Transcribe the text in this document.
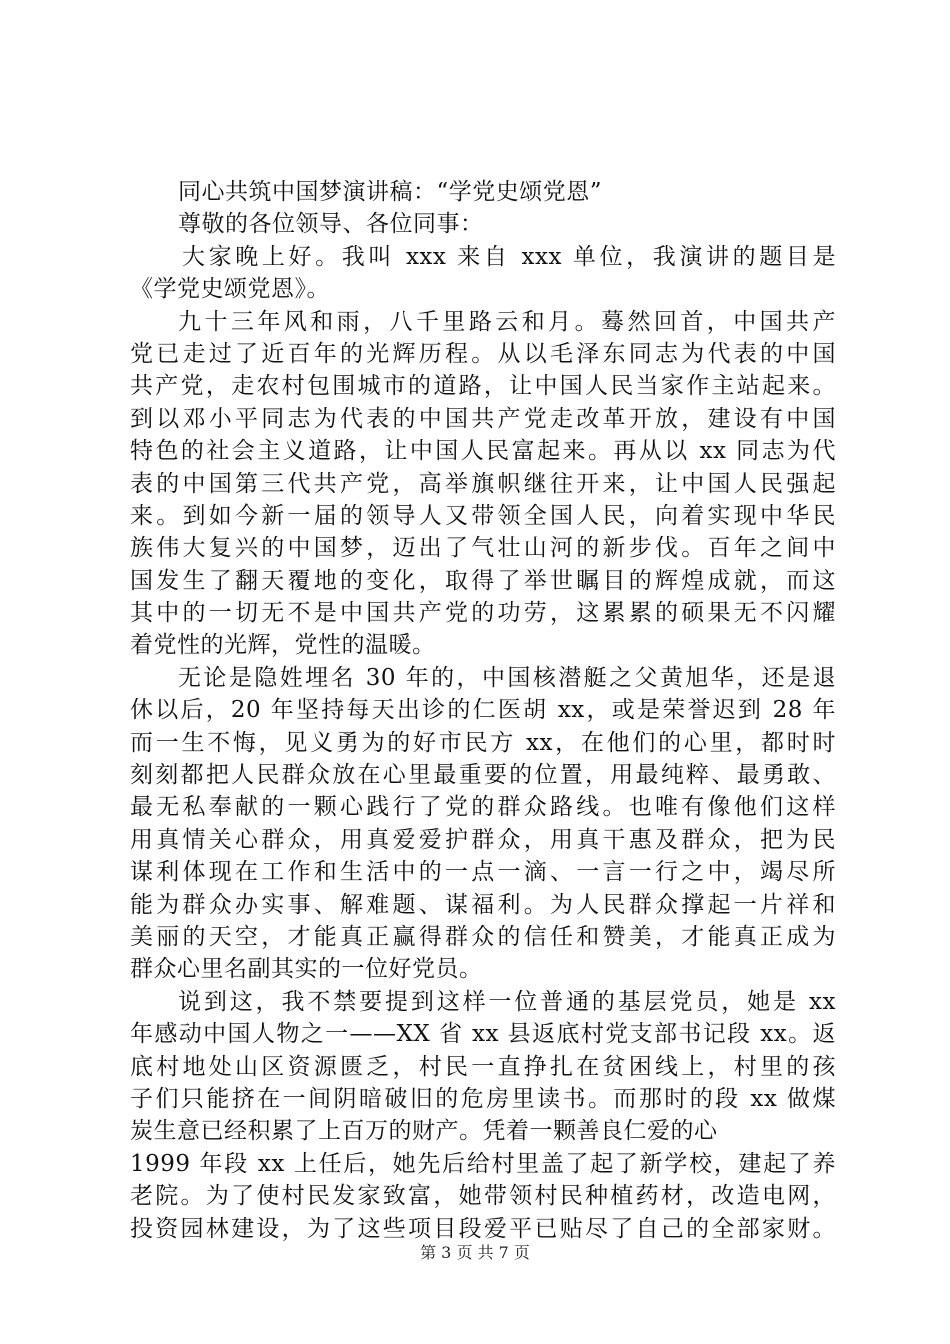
同心共筑中国梦演讲稿：“学党史颂党恩”
尊敬的各位领导、各位同事：
大家晚上好。我叫 xxx 来自 xxx 单位，我演讲的题目是
《学党史颂党恩》。
九十三年风和雨，八千里路云和月。蓦然回首，中国共产
党已走过了近百年的光辉历程。从以毛泽东同志为代表的中国
共产党，走农村包围城市的道路，让中国人民当家作主站起来。
到以邓小平同志为代表的中国共产党走改革开放，建设有中国
特色的社会主义道路，让中国人民富起来。再从以 xx 同志为代
表的中国第三代共产党，高举旗帜继往开来，让中国人民强起
来。到如今新一届的领导人又带领全国人民，向着实现中华民
族伟大复兴的中国梦，迈出了气壮山河的新步伐。百年之间中
国发生了翻天覆地的变化，取得了举世瞩目的辉煌成就，而这
其中的一切无不是中国共产党的功劳，这累累的硕果无不闪耀
着党性的光辉，党性的温暖。
无论是隐姓埋名 30 年的，中国核潜艇之父黄旭华，还是退
休以后，20 年坚持每天出诊的仁医胡 xx，或是荣誉迟到 28 年
而一生不悔，见义勇为的好市民方 xx，在他们的心里，都时时
刻刻都把人民群众放在心里最重要的位置，用最纯粹、最勇敢、
最无私奉献的一颗心践行了党的群众路线。也唯有像他们这样
用真情关心群众，用真爱爱护群众，用真干惠及群众，把为民
谋利体现在工作和生活中的一点一滴、一言一行之中，竭尽所
能为群众办实事、解难题、谋福利。为人民群众撑起一片祥和
美丽的天空，才能真正赢得群众的信任和赞美，才能真正成为
群众心里名副其实的一位好党员。
说到这，我不禁要提到这样一位普通的基层党员，她是 xx
年感动中国人物之一——XX 省 xx 县返底村党支部书记段 xx。返
底村地处山区资源匮乏，村民一直挣扎在贫困线上，村里的孩
子们只能挤在一间阴暗破旧的危房里读书。而那时的段 xx 做煤
炭生意已经积累了上百万的财产。凭着一颗善良仁爱的心
1999 年段 xx 上任后，她先后给村里盖了起了新学校，建起了养
老院。为了使村民发家致富，她带领村民种植药材，改造电网，
投资园林建设，为了这些项目段爱平已贴尽了自己的全部家财。
第 3 页 共 7 页
